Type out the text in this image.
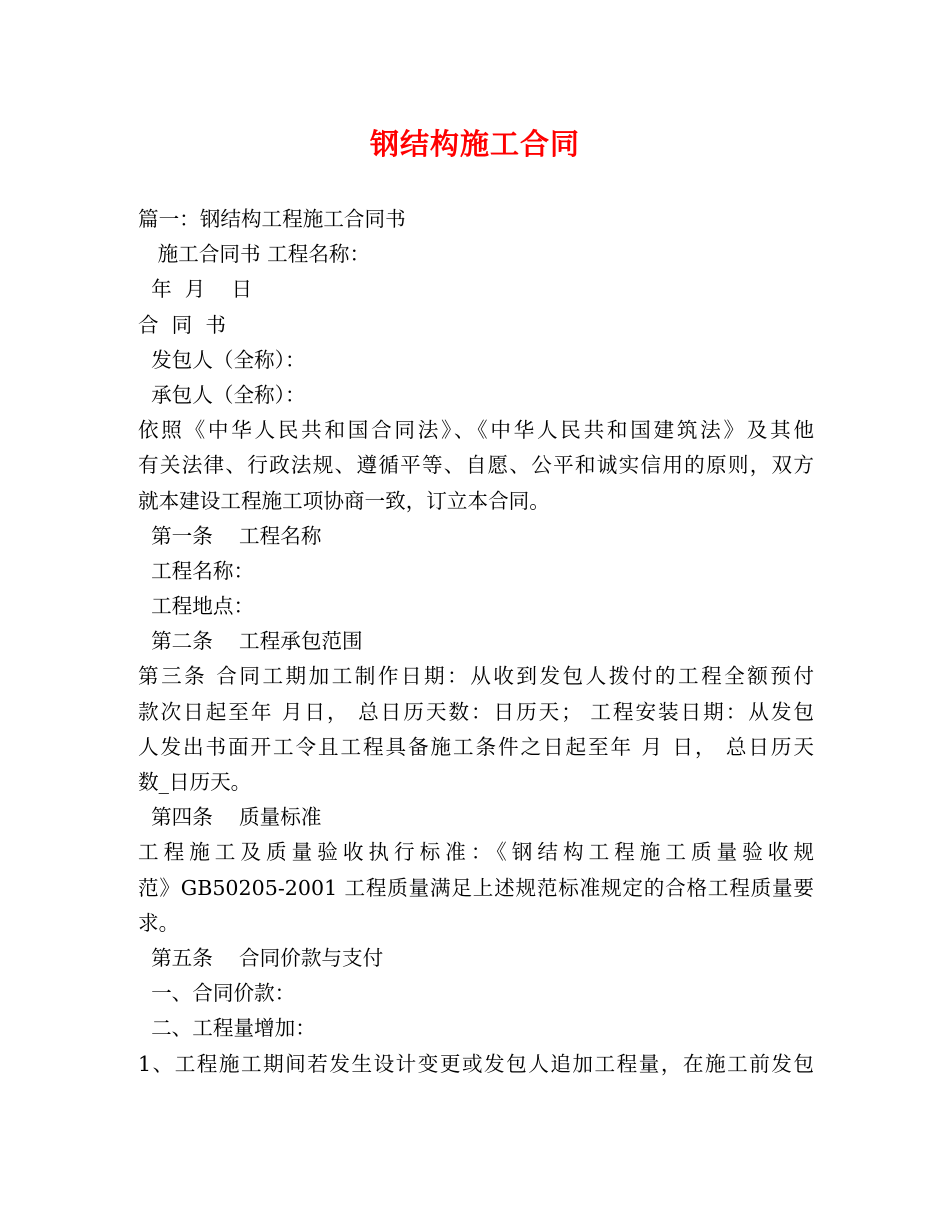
钢结构施工合同
篇一：钢结构工程施工合同书
施工合同书 工程名称：
年  月    日
合  同  书
发包人（全称）：
承包人（全称）：
依照《中华人民共和国合同法》、《中华人民共和国建筑法》及其他
有关法律、行政法规、遵循平等、自愿、公平和诚实信用的原则，双方
就本建设工程施工项协商一致，订立本合同。
第一条    工程名称
工程名称：
工程地点：
第二条    工程承包范围
第三条 合同工期加工制作日期：从收到发包人拨付的工程全额预付
款次日起至年 月日， 总日历天数：日历天； 工程安装日期：从发包
人发出书面开工令且工程具备施工条件之日起至年 月 日， 总日历天
数_日历天。
第四条    质量标准
工程施工及质量验收执行标准：《钢结构工程施工质量验收规
范》GB50205-2001 工程质量满足上述规范标准规定的合格工程质量要
求。
第五条    合同价款与支付
一、合同价款：
二、工程量增加：
1、工程施工期间若发生设计变更或发包人追加工程量，在施工前发包
